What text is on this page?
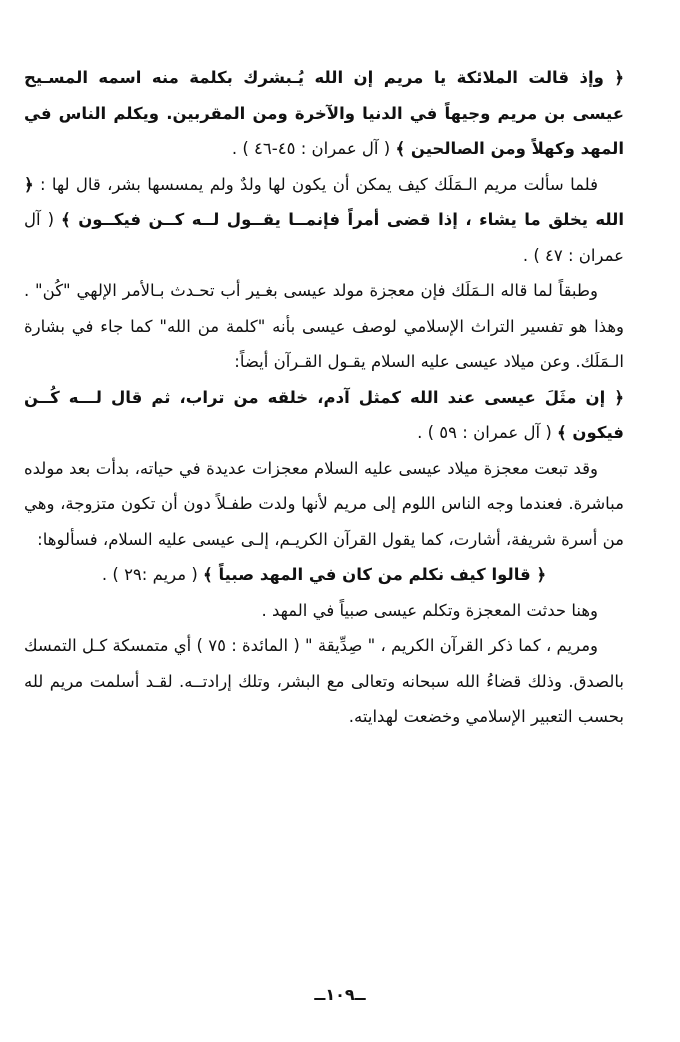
﴿ وإذ قالت الملائكة يا مريم إن الله يُـبشرك بكلمة منه اسمه المسـيح عيسى بن مريم وجيهاً في الدنيا والآخرة ومن المقربين. ويكلم الناس في المهد وكهلاً ومن الصالحين ﴾ ( آل عمران : ٤٥-٤٦ ) .

فلما سألت مريم الـمَلَك كيف يمكن أن يكون لها ولدٌ ولم يمسسها بشر، قال لها : ﴿ الله يخلق ما يشاء ، إذا قضى أمراً فإنمــا يقــول لــه كــن فيكــون ﴾ ( آل عمران : ٤٧ ) .

وطبقاً لما قاله الـمَلَك فإن معجزة مولد عيسى بغـير أب تحـدث بـالأمر الإلهي "كُن" . وهذا هو تفسير التراث الإسلامي لوصف عيسى بأنه "كلمة من الله" كما جاء في بشارة الـمَلَك. وعن ميلاد عيسى عليه السلام يقـول القـرآن أيضاً:

﴿ إن مثَلَ عيسى عند الله كمثل آدم، خلقه من تراب، ثم قال لـــه كُــن فيكون ﴾ ( آل عمران : ٥٩ ) .

وقد تبعت معجزة ميلاد عيسى عليه السلام معجزات عديدة في حياته، بدأت بعد مولده مباشرة. فعندما وجه الناس اللوم إلى مريم لأنها ولدت طفـلاً دون أن تكون متزوجة، وهي من أسرة شريفة، أشارت، كما يقول القرآن الكريـم، إلـى عيسى عليه السلام، فسألوها:

﴿ قالوا كيف نكلم من كان في المهد صبياً ﴾ ( مريم :٢٩ ) .

وهنا حدثت المعجزة وتكلم عيسى صبياً في المهد .

ومريم ، كما ذكر القرآن الكريم ، " صِدِّيقة " ( المائدة : ٧٥ ) أي متمسكة كـل التمسك بالصدق. وذلك قضاءُ الله سبحانه وتعالى مع البشر، وتلك إرادتــه. لقـد أسلمت مريم لله بحسب التعبير الإسلامي وخضعت لهدايته.

ــ١٠٩ــ
